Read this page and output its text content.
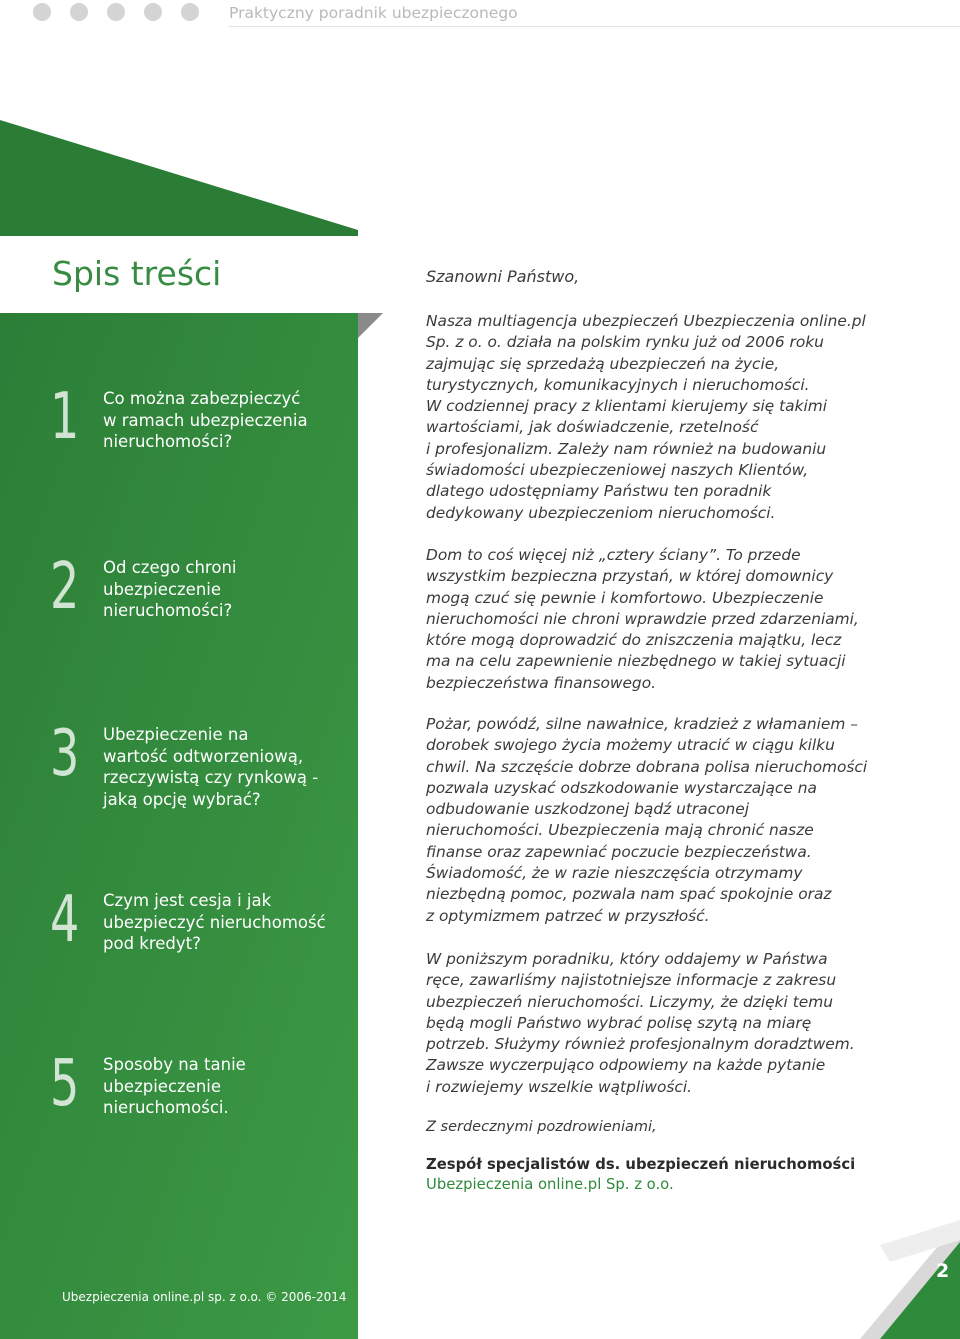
Praktyczny poradnik ubezpieczonego
Spis treści
1 Co można zabezpieczyć
w ramach ubezpieczenia
nieruchomości?
2 Od czego chroni
ubezpieczenie
nieruchomości?
3 Ubezpieczenie na
wartość odtworzeniową,
rzeczywistą czy rynkową -
jaką opcję wybrać?
4 Czym jest cesja i jak
ubezpieczyć nieruchomość
pod kredyt?
5 Sposoby na tanie
ubezpieczenie
nieruchomości.

Szanowni Państwo,

Nasza multiagencja ubezpieczeń Ubezpieczenia online.pl
Sp. z o. o. działa na polskim rynku już od 2006 roku
zajmując się sprzedażą ubezpieczeń na życie,
turystycznych, komunikacyjnych i nieruchomości.
W codziennej pracy z klientami kierujemy się takimi
wartościami, jak doświadczenie, rzetelność
i profesjonalizm. Zależy nam również na budowaniu
świadomości ubezpieczeniowej naszych Klientów,
dlatego udostępniamy Państwu ten poradnik
dedykowany ubezpieczeniom nieruchomości.
Dom to coś więcej niż „cztery ściany”. To przede
wszystkim bezpieczna przystań, w której domownicy
mogą czuć się pewnie i komfortowo. Ubezpieczenie
nieruchomości nie chroni wprawdzie przed zdarzeniami,
które mogą doprowadzić do zniszczenia majątku, lecz
ma na celu zapewnienie niezbędnego w takiej sytuacji
bezpieczeństwa finansowego.
Pożar, powódź, silne nawałnice, kradzież z włamaniem –
dorobek swojego życia możemy utracić w ciągu kilku
chwil. Na szczęście dobrze dobrana polisa nieruchomości
pozwala uzyskać odszkodowanie wystarczające na
odbudowanie uszkodzonej bądź utraconej
nieruchomości. Ubezpieczenia mają chronić nasze
finanse oraz zapewniać poczucie bezpieczeństwa.
Świadomość, że w razie nieszczęścia otrzymamy
niezbędną pomoc, pozwala nam spać spokojnie oraz
z optymizmem patrzeć w przyszłość.
W poniższym poradniku, który oddajemy w Państwa
ręce, zawarliśmy najistotniejsze informacje z zakresu
ubezpieczeń nieruchomości. Liczymy, że dzięki temu
będą mogli Państwo wybrać polisę szytą na miarę
potrzeb. Służymy również profesjonalnym doradztwem.
Zawsze wyczerpująco odpowiemy na każde pytanie
i rozwiejemy wszelkie wątpliwości.
Z serdecznymi pozdrowieniami,
Zespół specjalistów ds. ubezpieczeń nieruchomości
Ubezpieczenia online.pl Sp. z o.o.
Ubezpieczenia online.pl sp. z o.o. © 2006-2014
2
